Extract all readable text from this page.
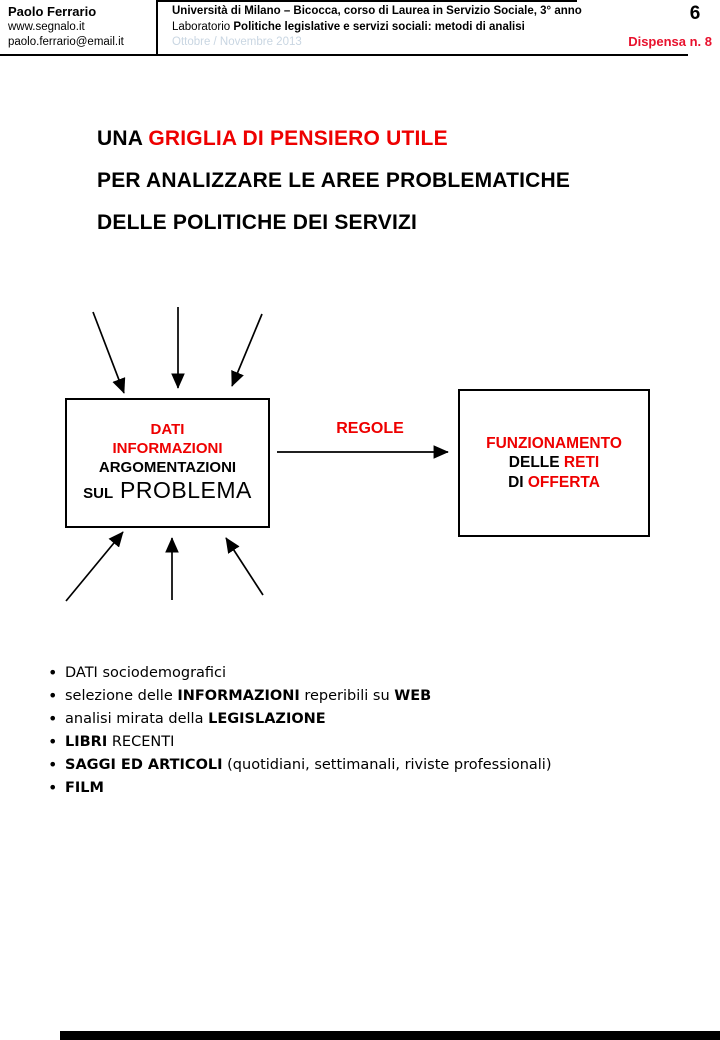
Paolo Ferrario
www.segnalo.it
paolo.ferrario@email.it
Università di Milano – Bicocca, corso di Laurea in Servizio Sociale, 3° anno
Laboratorio Politiche legislative e servizi sociali: metodi di analisi
Ottobre / Novembre 2013
6
Dispensa n. 8
UNA GRIGLIA DI PENSIERO UTILE
PER ANALIZZARE LE AREE PROBLEMATICHE
DELLE POLITICHE DEI SERVIZI
DATI
INFORMAZIONI
ARGOMENTAZIONI
SUL PROBLEMA
REGOLE
FUNZIONAMENTO
DELLE RETI
DI OFFERTA
• DATI sociodemografici
• selezione delle INFORMAZIONI reperibili su WEB
• analisi mirata della LEGISLAZIONE
• LIBRI RECENTI
• SAGGI ED ARTICOLI (quotidiani, settimanali, riviste professionali)
• FILM
